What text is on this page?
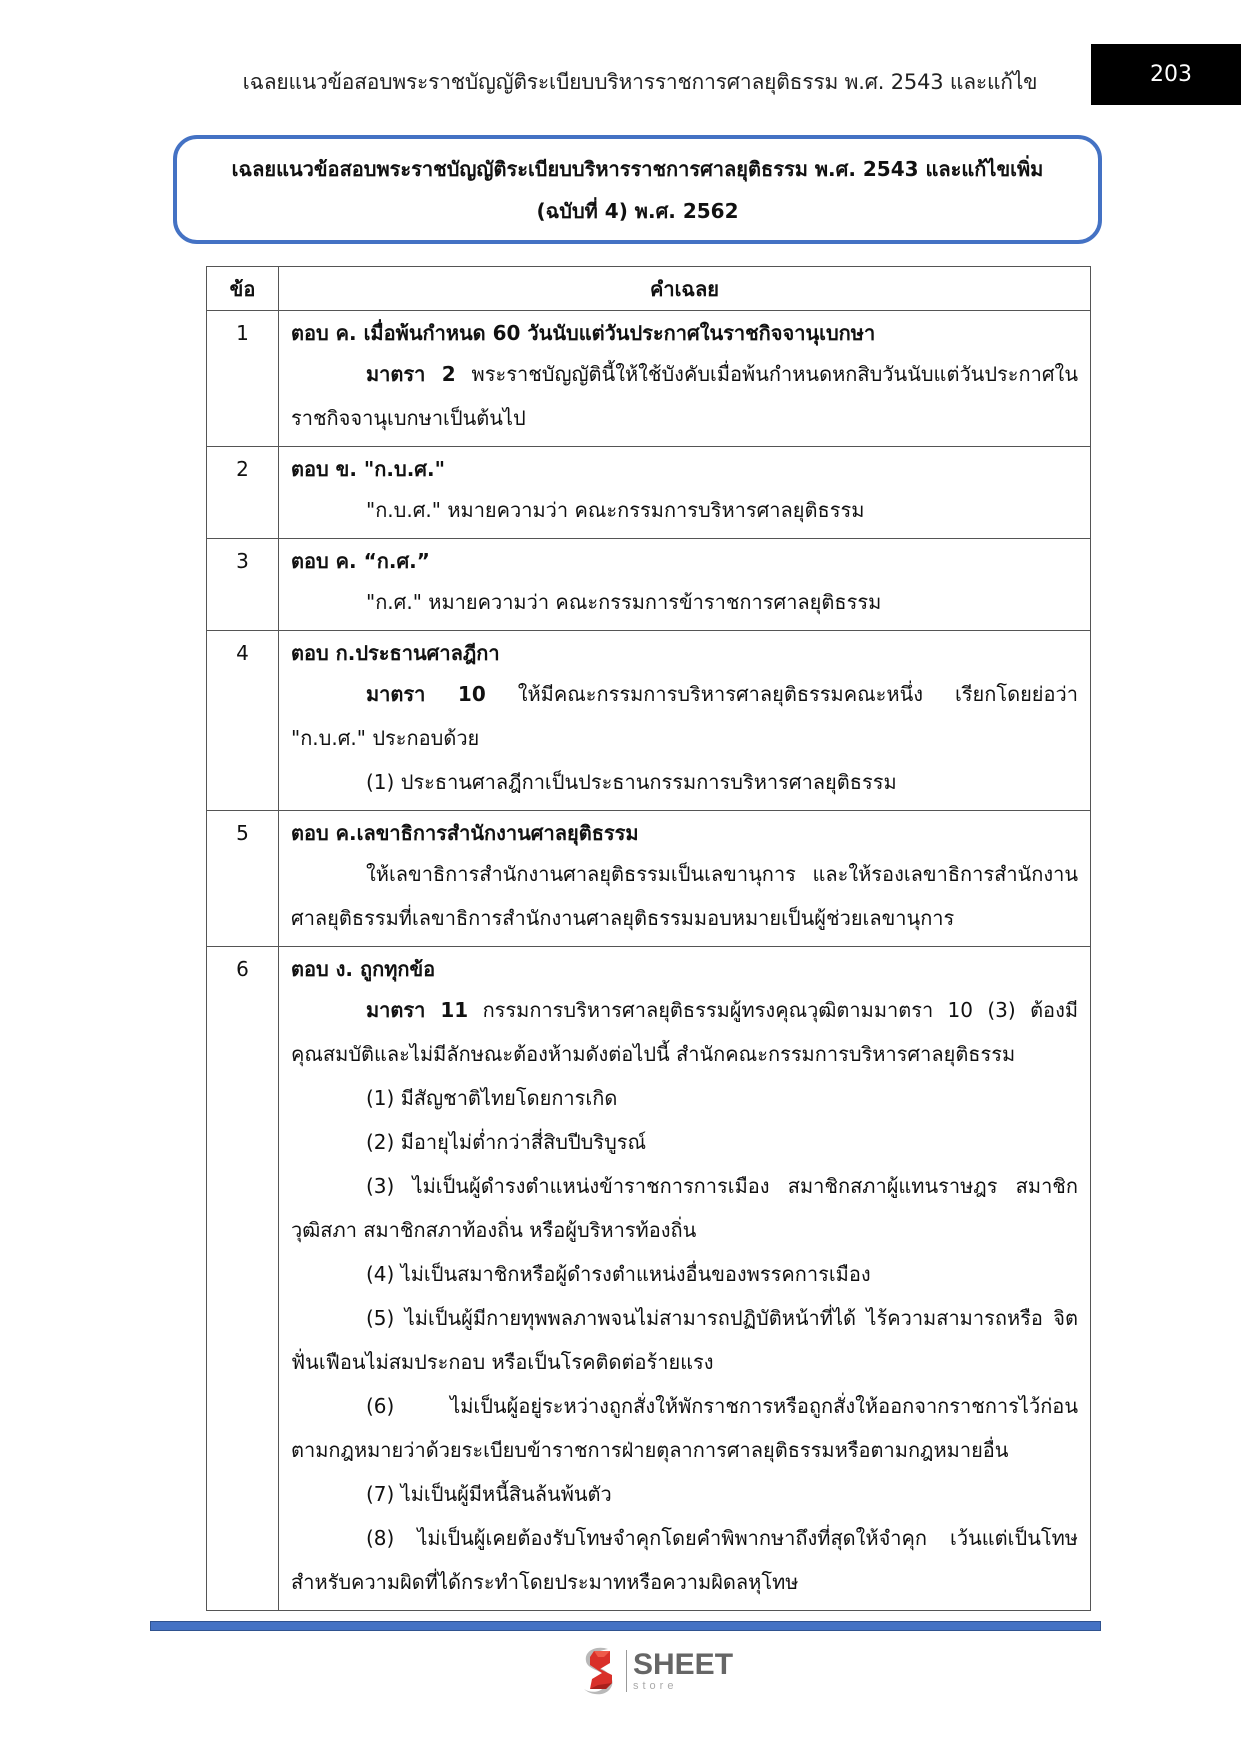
เฉลยแนวข้อสอบพระราชบัญญัติระเบียบบริหารราชการศาลยุติธรรม พ.ศ. 2543 และแก้ไข	203
เฉลยแนวข้อสอบพระราชบัญญัติระเบียบบริหารราชการศาลยุติธรรม พ.ศ. 2543 และแก้ไขเพิ่ม
(ฉบับที่ 4) พ.ศ. 2562
ข้อ	คำเฉลย
1	ตอบ ค. เมื่อพ้นกำหนด 60 วันนับแต่วันประกาศในราชกิจจานุเบกษา
มาตรา 2 พระราชบัญญัตินี้ให้ใช้บังคับเมื่อพ้นกำหนดหกสิบวันนับแต่วันประกาศใน
ราชกิจจานุเบกษาเป็นต้นไป

2	ตอบ ข. "ก.บ.ศ."
"ก.บ.ศ." หมายความว่า คณะกรรมการบริหารศาลยุติธรรม

3	ตอบ ค. “ก.ศ.”
"ก.ศ." หมายความว่า คณะกรรมการข้าราชการศาลยุติธรรม

4	ตอบ ก.ประธานศาลฎีกา
มาตรา 10 ให้มีคณะกรรมการบริหารศาลยุติธรรมคณะหนึ่ง เรียกโดยย่อว่า
"ก.บ.ศ." ประกอบด้วย
(1) ประธานศาลฎีกาเป็นประธานกรรมการบริหารศาลยุติธรรม

5	ตอบ ค.เลขาธิการสำนักงานศาลยุติธรรม
ให้เลขาธิการสำนักงานศาลยุติธรรมเป็นเลขานุการ และให้รองเลขาธิการสำนักงาน
ศาลยุติธรรมที่เลขาธิการสำนักงานศาลยุติธรรมมอบหมายเป็นผู้ช่วยเลขานุการ

6	ตอบ ง. ถูกทุกข้อ
มาตรา 11 กรรมการบริหารศาลยุติธรรมผู้ทรงคุณวุฒิตามมาตรา 10 (3) ต้องมี
คุณสมบัติและไม่มีลักษณะต้องห้ามดังต่อไปนี้ สำนักคณะกรรมการบริหารศาลยุติธรรม
(1) มีสัญชาติไทยโดยการเกิด
(2) มีอายุไม่ต่ำกว่าสี่สิบปีบริบูรณ์
(3) ไม่เป็นผู้ดำรงตำแหน่งข้าราชการการเมือง สมาชิกสภาผู้แทนราษฎร สมาชิก
วุฒิสภา สมาชิกสภาท้องถิ่น หรือผู้บริหารท้องถิ่น
(4) ไม่เป็นสมาชิกหรือผู้ดำรงตำแหน่งอื่นของพรรคการเมือง
(5) ไม่เป็นผู้มีกายทุพพลภาพจนไม่สามารถปฏิบัติหน้าที่ได้ ไร้ความสามารถหรือ จิต
ฟั่นเฟือนไม่สมประกอบ หรือเป็นโรคติดต่อร้ายแรง
(6) ไม่เป็นผู้อยู่ระหว่างถูกสั่งให้พักราชการหรือถูกสั่งให้ออกจากราชการไว้ก่อน
ตามกฎหมายว่าด้วยระเบียบข้าราชการฝ่ายตุลาการศาลยุติธรรมหรือตามกฎหมายอื่น
(7) ไม่เป็นผู้มีหนี้สินล้นพ้นตัว
(8) ไม่เป็นผู้เคยต้องรับโทษจำคุกโดยคำพิพากษาถึงที่สุดให้จำคุก เว้นแต่เป็นโทษ
สำหรับความผิดที่ได้กระทำโดยประมาทหรือความผิดลหุโทษ
SHEET
store
